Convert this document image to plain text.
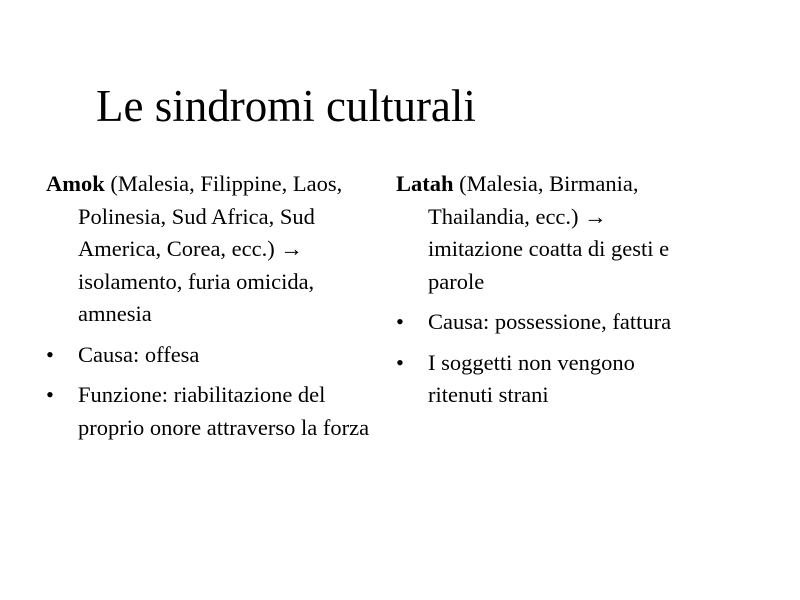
Le sindromi culturali

Amok (Malesia, Filippine, Laos, Polinesia, Sud Africa, Sud America, Corea, ecc.) → isolamento, furia omicida, amnesia

• Causa: offesa
• Funzione: riabilitazione del proprio onore attraverso la forza

Latah (Malesia, Birmania, Thailandia, ecc.) → imitazione coatta di gesti e parole

• Causa: possessione, fattura
• I soggetti non vengono ritenuti strani
